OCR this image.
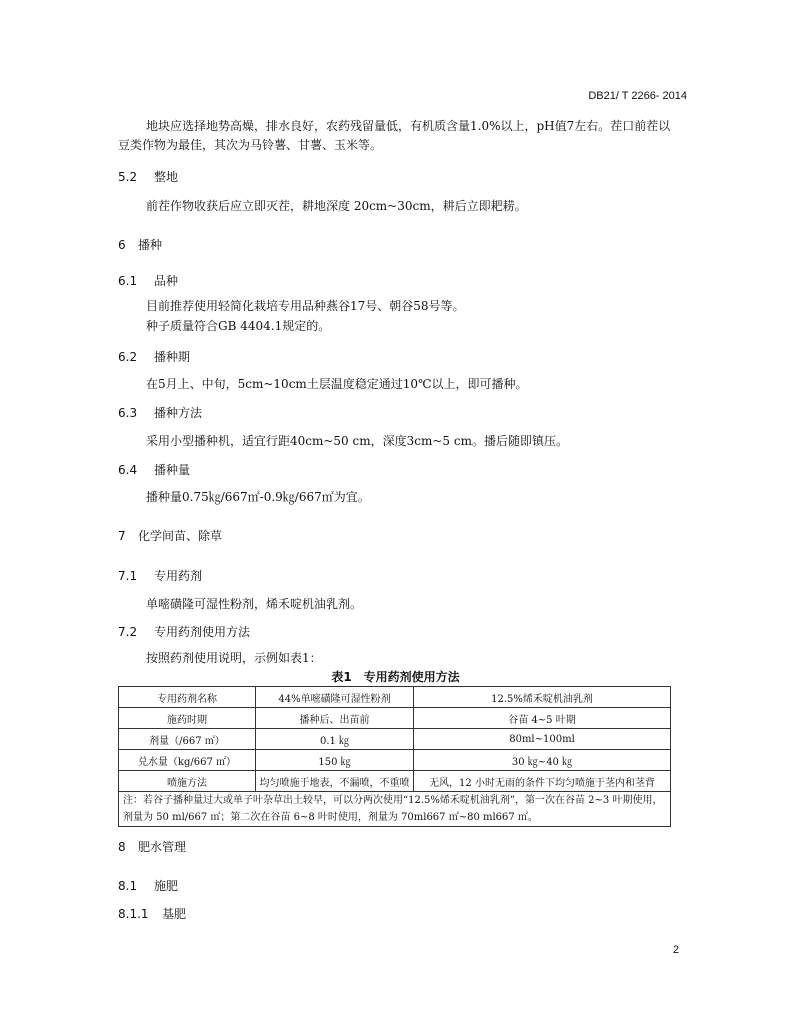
DB21/ T 2266- 2014
地块应选择地势高燥，排水良好，农药残留量低，有机质含量1.0%以上，pH值7左右。茬口前茬以
豆类作物为最佳，其次为马铃薯、甘薯、玉米等。
5.2 整地
前茬作物收获后应立即灭茬，耕地深度 20cm~30cm，耕后立即耙耢。
6 播种
6.1 品种
目前推荐使用轻简化栽培专用品种燕谷17号、朝谷58号等。
种子质量符合GB 4404.1规定的。
6.2 播种期
在5月上、中旬，5cm~10cm土层温度稳定通过10℃以上，即可播种。
6.3 播种方法
采用小型播种机，适宜行距40cm~50 cm，深度3cm~5 cm。播后随即镇压。
6.4 播种量
播种量0.75㎏/667㎡-0.9㎏/667㎡为宜。
7 化学间苗、除草
7.1 专用药剂
单嘧磺隆可湿性粉剂，烯禾啶机油乳剂。
7.2 专用药剂使用方法
按照药剂使用说明，示例如表1：
表1　专用药剂使用方法
专用药剂名称	44%单嘧磺隆可湿性粉剂	12.5%烯禾啶机油乳剂
施药时期	播种后、出苗前	谷苗 4~5 叶期
剂量（/667 ㎡）	0.1 ㎏	80ml~100ml
兑水量（kg/667 ㎡）	150 ㎏	30 ㎏~40 ㎏
喷施方法	均匀喷施于地表，不漏喷，不重喷	无风，12 小时无雨的条件下均匀喷施于茎内和茎背
注：若谷子播种量过大或单子叶杂草出土较早，可以分两次使用“12.5%烯禾啶机油乳剂”，第一次在谷苗 2~3 叶期使用，剂量为 50 ml/667 ㎡；第二次在谷苗 6~8 叶时使用，剂量为 70ml667 ㎡~80 ml667 ㎡。		
8 肥水管理
8.1 施肥
8.1.1 基肥
2
